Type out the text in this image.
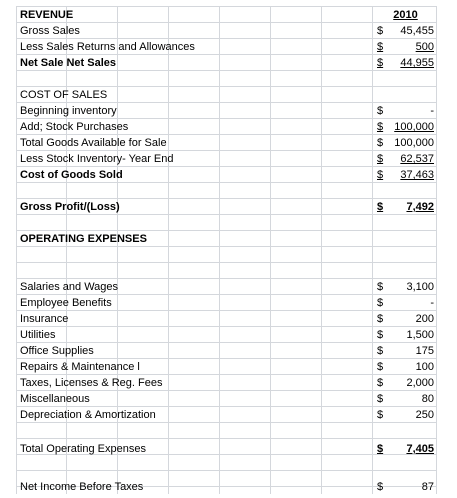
2010
REVENUE
Gross Sales	$ 45,455
Less Sales Returns and Allowances	$	500
Net Sale Net Sales	$ 44,955
COST OF SALES
Beginning inventory	$	-
Add; Stock Purchases	$ 100,000
Total Goods Available for Sale	$ 100,000
Less Stock Inventory- Year End	$ 62,537
Cost of Goods Sold	$ 37,463
Gross Profit/(Loss)	$ 7,492
OPERATING EXPENSES
Salaries and Wages	$ 3,100
Employee Benefits	$	-
Insurance	$	200
Utilities	$ 1,500
Office Supplies	$	175
Repairs & Maintenance l	$	100
Taxes, Licenses & Reg. Fees	$ 2,000
Miscellaneous	$	80
Depreciation & Amortization	$	250
Total Operating Expenses	$ 7,405
Net Income Before Taxes	$	87
